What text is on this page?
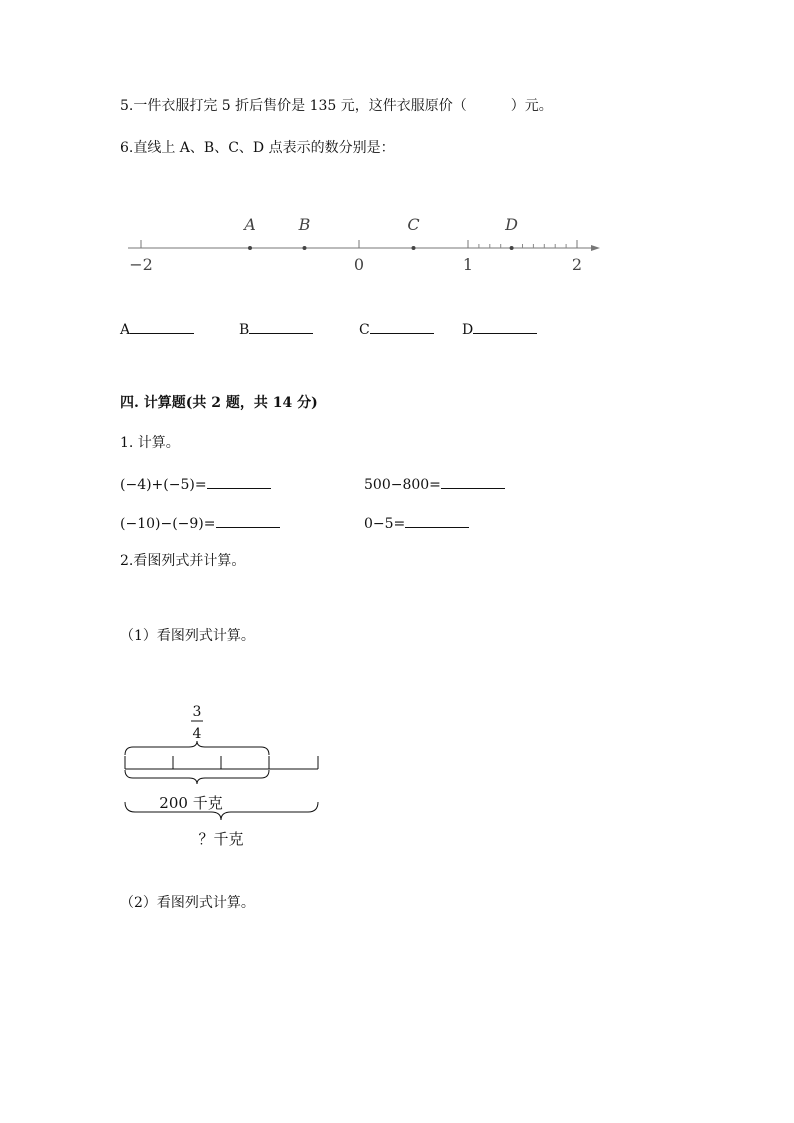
5.一件衣服打完 5 折后售价是 135 元，这件衣服原价（	）元。
6.直线上 A、B、C、D 点表示的数分别是：
−2	0	1	2
A	B	C	D
A	B	C	D
四. 计算题(共 2 题，共 14 分)
1. 计算。
(−4)+(−5)=	500−800=
(−10)−(−9)=	0−5=
2.看图列式并计算。
（1）看图列式计算。
3
4
200 千克
？千克
（2）看图列式计算。
